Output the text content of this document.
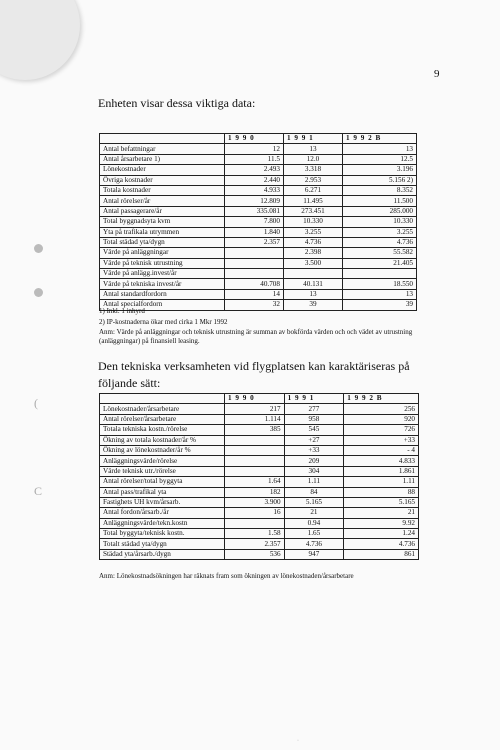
(
C
9
Enheten visar dessa viktiga data:
	1 9 9 0	1 9 9 1	1 9 9 2 B
Antal befattningar	12	13	13
Antal årsarbetare 1)	11.5	12.0	12.5
Lönekostnader	2.493	3.318	3.196
Övriga kostnader	2.440	2.953	5.156 2)
Totala kostnader	4.933	6.271	8.352
Antal rörelser/år	12.809	11.495	11.500
Antal passagerare/år	335.081	273.451	285.000
Total byggnadsyta kvm	7.800	10.330	10.330
Yta på trafikala utrymmen	1.840	3.255	3.255
Total städad yta/dygn	2.357	4.736	4.736
Värde på anläggningar		2.398	55.582
Värde på teknisk utrustning		3.500	21.405
Värde på anlägg.invest/år			
Värde på tekniska invest/år	40.708	40.131	18.550
Antal standardfordorn	14	13	13
Antal specialfordorn	32	39	39
1) Inkl. 1 inhyrd
2) IP-kostnaderna ökar med cirka 1 Mkr 1992
Anm: Värde på anläggningar och teknisk utrustning är summan av bokförda värden och och vädet av utrustning (anläggningar) på finansiell leasing.
Den tekniska verksamheten vid flygplatsen kan karaktäriseras på följande sätt:
	1 9 9 0	1 9 9 1	1 9 9 2 B
Lönekostnader/årsarbetare	217	277	256
Antal rörelser/årsarbetare	1.114	958	920
Totala tekniska kostn./rörelse	385	545	726
Ökning av totala kostnader/år %		+27	+33
Ökning av lönekostnader/år %		+33	- 4
Anläggningsvärde/rörelse		209	4.833
Värde teknisk utr./rörelse		304	1.861
Antal rörelser/total byggyta	1.64	1.11	1.11
Antal pass/trafikal yta	182	84	88
Fastighets UH kvm/årsarb.	3.900	5.165	5.165
Antal fordon/årsarb./år	16	21	21
Anläggningsvärde/tekn.kostn		0.94	9.92
Total byggyta/teknisk kostn.	1.58	1.65	1.24
Totalt städad yta/dygn	2.357	4.736	4.736
Städad yta/årsarb./dygn	536	947	861
Anm: Lönekostnadsökningen har räknats fram som ökningen av lönekostnaden/årsarbetare
·
